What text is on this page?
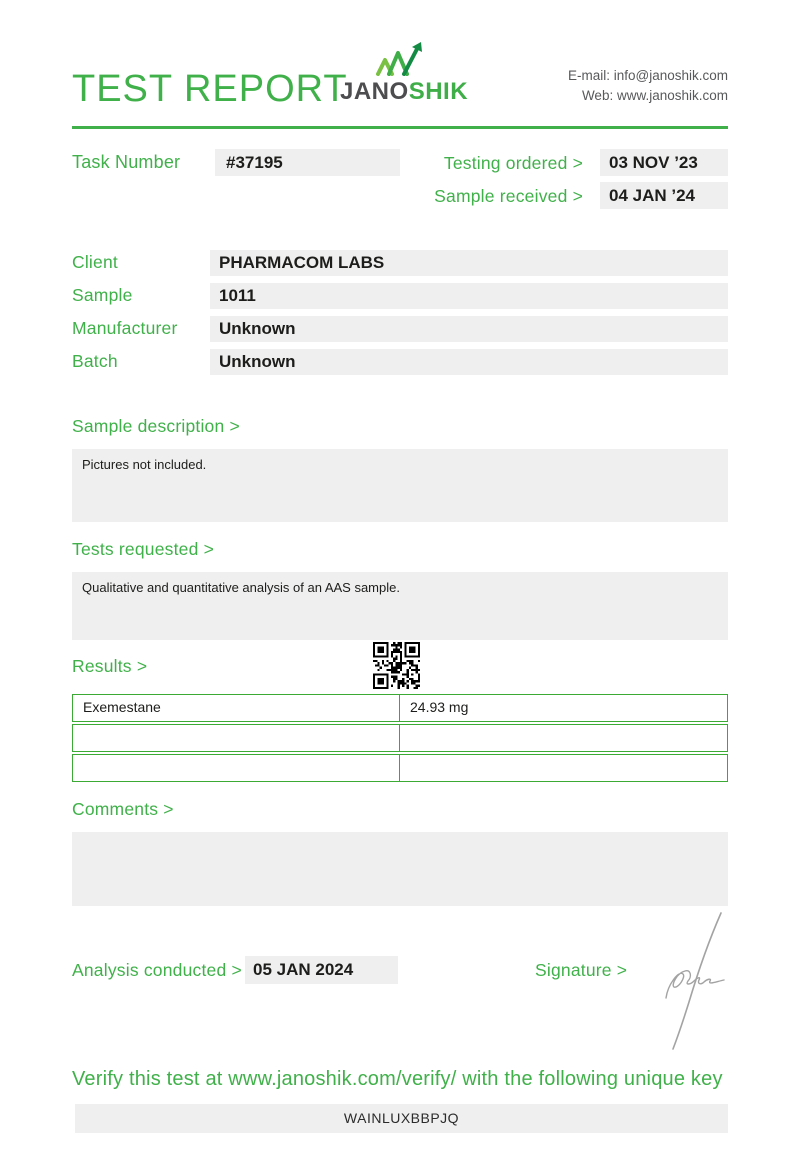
TEST REPORT
JANOSHIK
E-mail: info@janoshik.com
Web: www.janoshik.com
Task Number	#37195	Testing ordered >	03 NOV ’23
Sample received >	04 JAN ’24
Client	PHARMACOM LABS
Sample	1011
Manufacturer	Unknown
Batch	Unknown
Sample description >
Pictures not included.
Tests requested >
Qualitative and quantitative analysis of an AAS sample.
Results >
Exemestane	24.93 mg
Comments >
Analysis conducted > 05 JAN 2024	Signature >
Verify this test at www.janoshik.com/verify/ with the following unique key
WAINLUXBBPJQ
